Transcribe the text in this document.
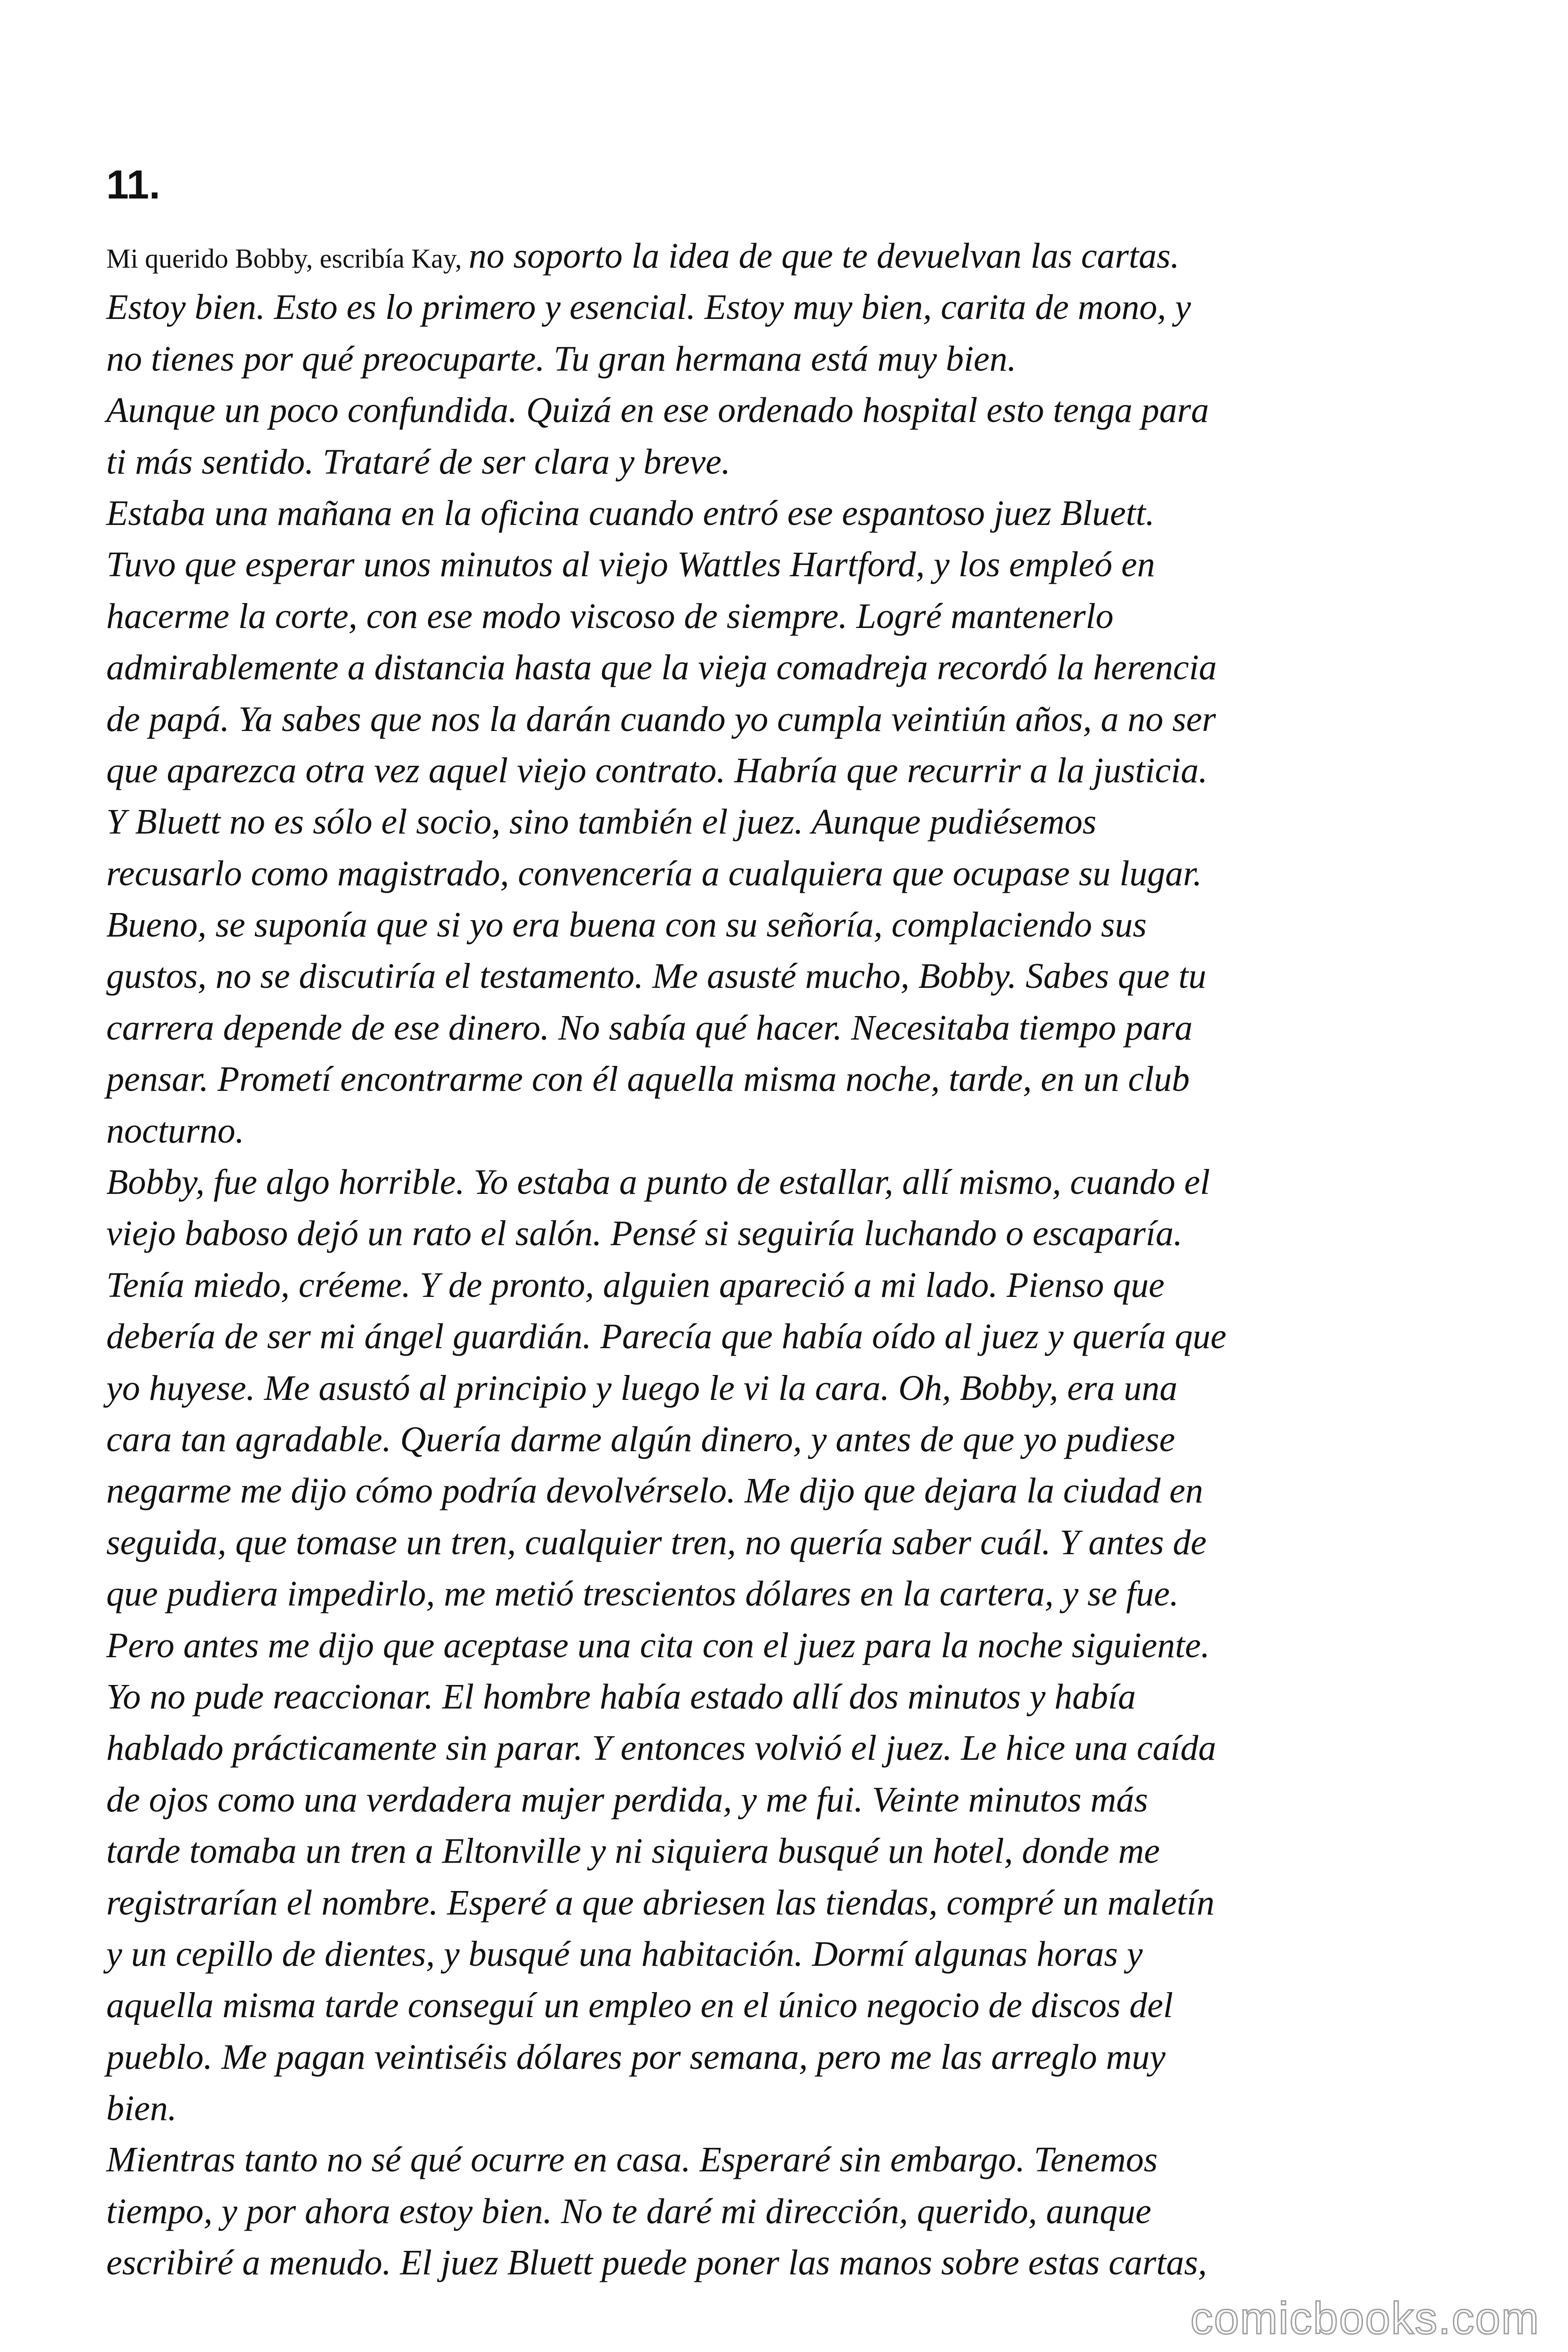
11.
Mi querido Bobby, escribía Kay, no soporto la idea de que te devuelvan las cartas.
Estoy bien. Esto es lo primero y esencial. Estoy muy bien, carita de mono, y
no tienes por qué preocuparte. Tu gran hermana está muy bien.
Aunque un poco confundida. Quizá en ese ordenado hospital esto tenga para
ti más sentido. Trataré de ser clara y breve.
Estaba una mañana en la oficina cuando entró ese espantoso juez Bluett.
Tuvo que esperar unos minutos al viejo Wattles Hartford, y los empleó en
hacerme la corte, con ese modo viscoso de siempre. Logré mantenerlo
admirablemente a distancia hasta que la vieja comadreja recordó la herencia
de papá. Ya sabes que nos la darán cuando yo cumpla veintiún años, a no ser
que aparezca otra vez aquel viejo contrato. Habría que recurrir a la justicia.
Y Bluett no es sólo el socio, sino también el juez. Aunque pudiésemos
recusarlo como magistrado, convencería a cualquiera que ocupase su lugar.
Bueno, se suponía que si yo era buena con su señoría, complaciendo sus
gustos, no se discutiría el testamento. Me asusté mucho, Bobby. Sabes que tu
carrera depende de ese dinero. No sabía qué hacer. Necesitaba tiempo para
pensar. Prometí encontrarme con él aquella misma noche, tarde, en un club
nocturno.
Bobby, fue algo horrible. Yo estaba a punto de estallar, allí mismo, cuando el
viejo baboso dejó un rato el salón. Pensé si seguiría luchando o escaparía.
Tenía miedo, créeme. Y de pronto, alguien apareció a mi lado. Pienso que
debería de ser mi ángel guardián. Parecía que había oído al juez y quería que
yo huyese. Me asustó al principio y luego le vi la cara. Oh, Bobby, era una
cara tan agradable. Quería darme algún dinero, y antes de que yo pudiese
negarme me dijo cómo podría devolvérselo. Me dijo que dejara la ciudad en
seguida, que tomase un tren, cualquier tren, no quería saber cuál. Y antes de
que pudiera impedirlo, me metió trescientos dólares en la cartera, y se fue.
Pero antes me dijo que aceptase una cita con el juez para la noche siguiente.
Yo no pude reaccionar. El hombre había estado allí dos minutos y había
hablado prácticamente sin parar. Y entonces volvió el juez. Le hice una caída
de ojos como una verdadera mujer perdida, y me fui. Veinte minutos más
tarde tomaba un tren a Eltonville y ni siquiera busqué un hotel, donde me
registrarían el nombre. Esperé a que abriesen las tiendas, compré un maletín
y un cepillo de dientes, y busqué una habitación. Dormí algunas horas y
aquella misma tarde conseguí un empleo en el único negocio de discos del
pueblo. Me pagan veintiséis dólares por semana, pero me las arreglo muy
bien.
Mientras tanto no sé qué ocurre en casa. Esperaré sin embargo. Tenemos
tiempo, y por ahora estoy bien. No te daré mi dirección, querido, aunque
escribiré a menudo. El juez Bluett puede poner las manos sobre estas cartas,
comicbooks.com
